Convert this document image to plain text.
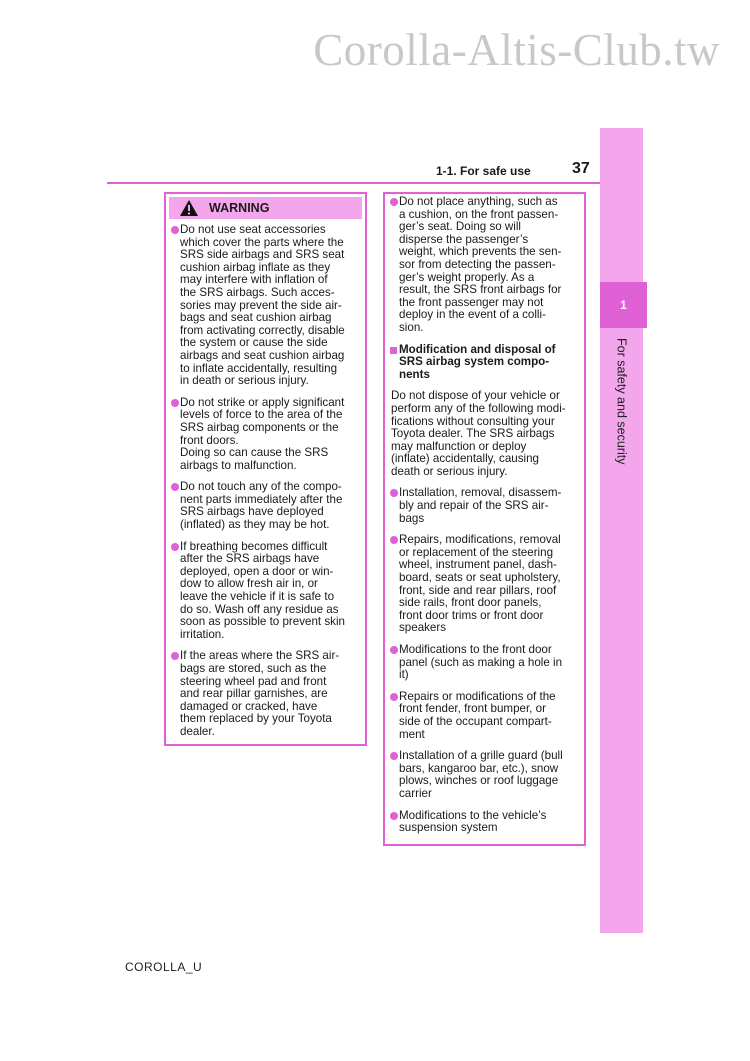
Corolla-Altis-Club.tw
1
For safety and security
1-1. For safe use	37
WARNING
Do not use seat accessories
which cover the parts where the
SRS side airbags and SRS seat
cushion airbag inflate as they
may interfere with inflation of
the SRS airbags. Such acces-
sories may prevent the side air-
bags and seat cushion airbag
from activating correctly, disable
the system or cause the side
airbags and seat cushion airbag
to inflate accidentally, resulting
in death or serious injury.
Do not strike or apply significant
levels of force to the area of the
SRS airbag components or the
front doors.
Doing so can cause the SRS
airbags to malfunction.
Do not touch any of the compo-
nent parts immediately after the
SRS airbags have deployed
(inflated) as they may be hot.
If breathing becomes difficult
after the SRS airbags have
deployed, open a door or win-
dow to allow fresh air in, or
leave the vehicle if it is safe to
do so. Wash off any residue as
soon as possible to prevent skin
irritation.
If the areas where the SRS air-
bags are stored, such as the
steering wheel pad and front
and rear pillar garnishes, are
damaged or cracked, have
them replaced by your Toyota
dealer.
Do not place anything, such as
a cushion, on the front passen-
ger’s seat. Doing so will
disperse the passenger’s
weight, which prevents the sen-
sor from detecting the passen-
ger’s weight properly. As a
result, the SRS front airbags for
the front passenger may not
deploy in the event of a colli-
sion.
Modification and disposal of
SRS airbag system compo-
nents
Do not dispose of your vehicle or
perform any of the following modi-
fications without consulting your
Toyota dealer. The SRS airbags
may malfunction or deploy
(inflate) accidentally, causing
death or serious injury.
Installation, removal, disassem-
bly and repair of the SRS air-
bags
Repairs, modifications, removal
or replacement of the steering
wheel, instrument panel, dash-
board, seats or seat upholstery,
front, side and rear pillars, roof
side rails, front door panels,
front door trims or front door
speakers
Modifications to the front door
panel (such as making a hole in
it)
Repairs or modifications of the
front fender, front bumper, or
side of the occupant compart-
ment
Installation of a grille guard (bull
bars, kangaroo bar, etc.), snow
plows, winches or roof luggage
carrier
Modifications to the vehicle’s
suspension system
COROLLA_U
